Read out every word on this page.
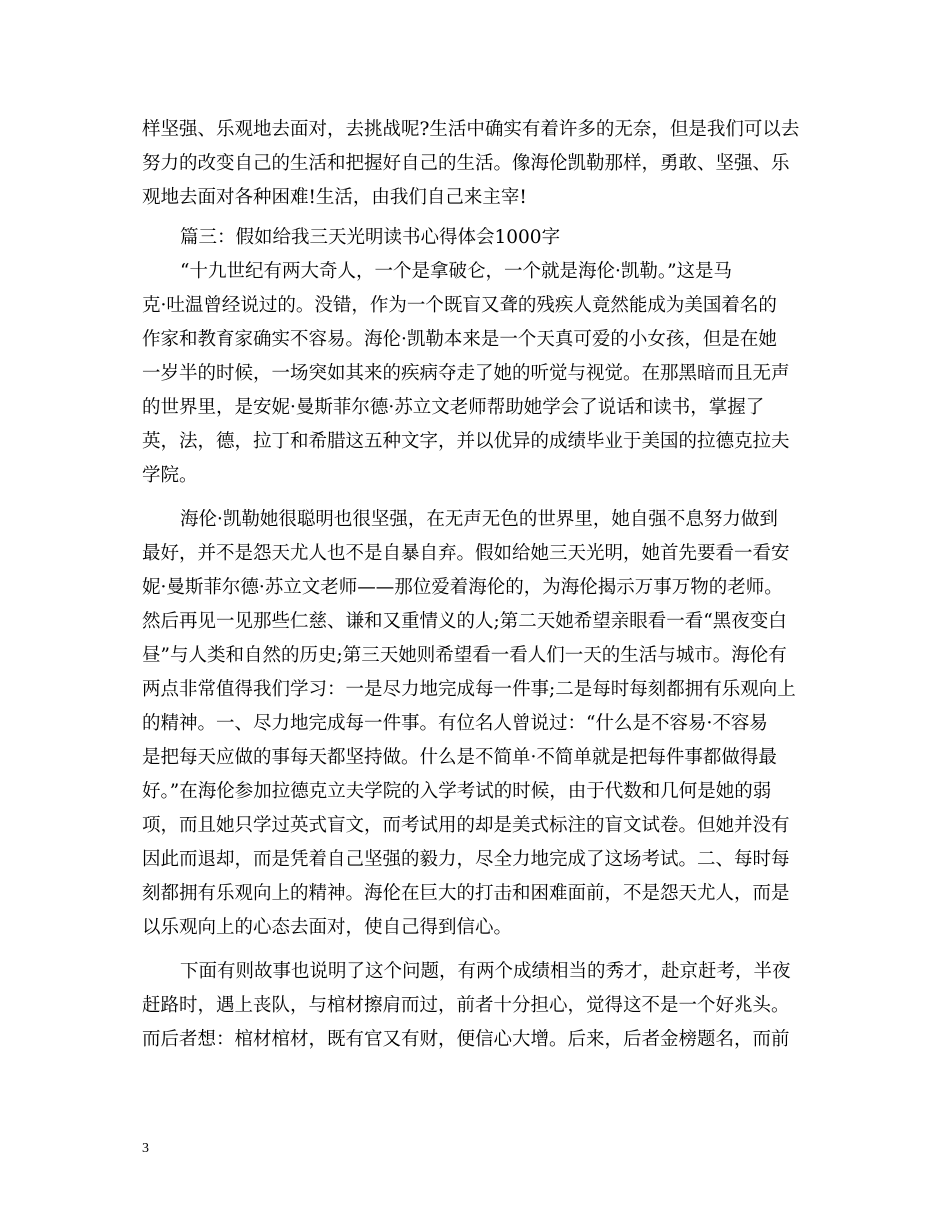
样坚强、乐观地去面对，去挑战呢?生活中确实有着许多的无奈，但是我们可以去
努力的改变自己的生活和把握好自己的生活。像海伦凯勒那样，勇敢、坚强、乐
观地去面对各种困难!生活，由我们自己来主宰!
篇三：假如给我三天光明读书心得体会1000字
“十九世纪有两大奇人，一个是拿破仑，一个就是海伦·凯勒。”这是马
克·吐温曾经说过的。没错，作为一个既盲又聋的残疾人竟然能成为美国着名的
作家和教育家确实不容易。海伦·凯勒本来是一个天真可爱的小女孩，但是在她
一岁半的时候，一场突如其来的疾病夺走了她的听觉与视觉。在那黑暗而且无声
的世界里，是安妮·曼斯菲尔德·苏立文老师帮助她学会了说话和读书，掌握了
英，法，德，拉丁和希腊这五种文字，并以优异的成绩毕业于美国的拉德克拉夫
学院。
海伦·凯勒她很聪明也很坚强，在无声无色的世界里，她自强不息努力做到
最好，并不是怨天尤人也不是自暴自弃。假如给她三天光明，她首先要看一看安
妮·曼斯菲尔德·苏立文老师——那位爱着海伦的，为海伦揭示万事万物的老师。
然后再见一见那些仁慈、谦和又重情义的人;第二天她希望亲眼看一看“黑夜变白
昼”与人类和自然的历史;第三天她则希望看一看人们一天的生活与城市。海伦有
两点非常值得我们学习：一是尽力地完成每一件事;二是每时每刻都拥有乐观向上
的精神。一、尽力地完成每一件事。有位名人曾说过：“什么是不容易·不容易
是把每天应做的事每天都坚持做。什么是不简单·不简单就是把每件事都做得最
好。”在海伦参加拉德克立夫学院的入学考试的时候，由于代数和几何是她的弱
项，而且她只学过英式盲文，而考试用的却是美式标注的盲文试卷。但她并没有
因此而退却，而是凭着自己坚强的毅力，尽全力地完成了这场考试。二、每时每
刻都拥有乐观向上的精神。海伦在巨大的打击和困难面前，不是怨天尤人，而是
以乐观向上的心态去面对，使自己得到信心。
下面有则故事也说明了这个问题，有两个成绩相当的秀才，赴京赶考，半夜
赶路时，遇上丧队，与棺材擦肩而过，前者十分担心，觉得这不是一个好兆头。
而后者想：棺材棺材，既有官又有财，便信心大增。后来，后者金榜题名，而前
3
